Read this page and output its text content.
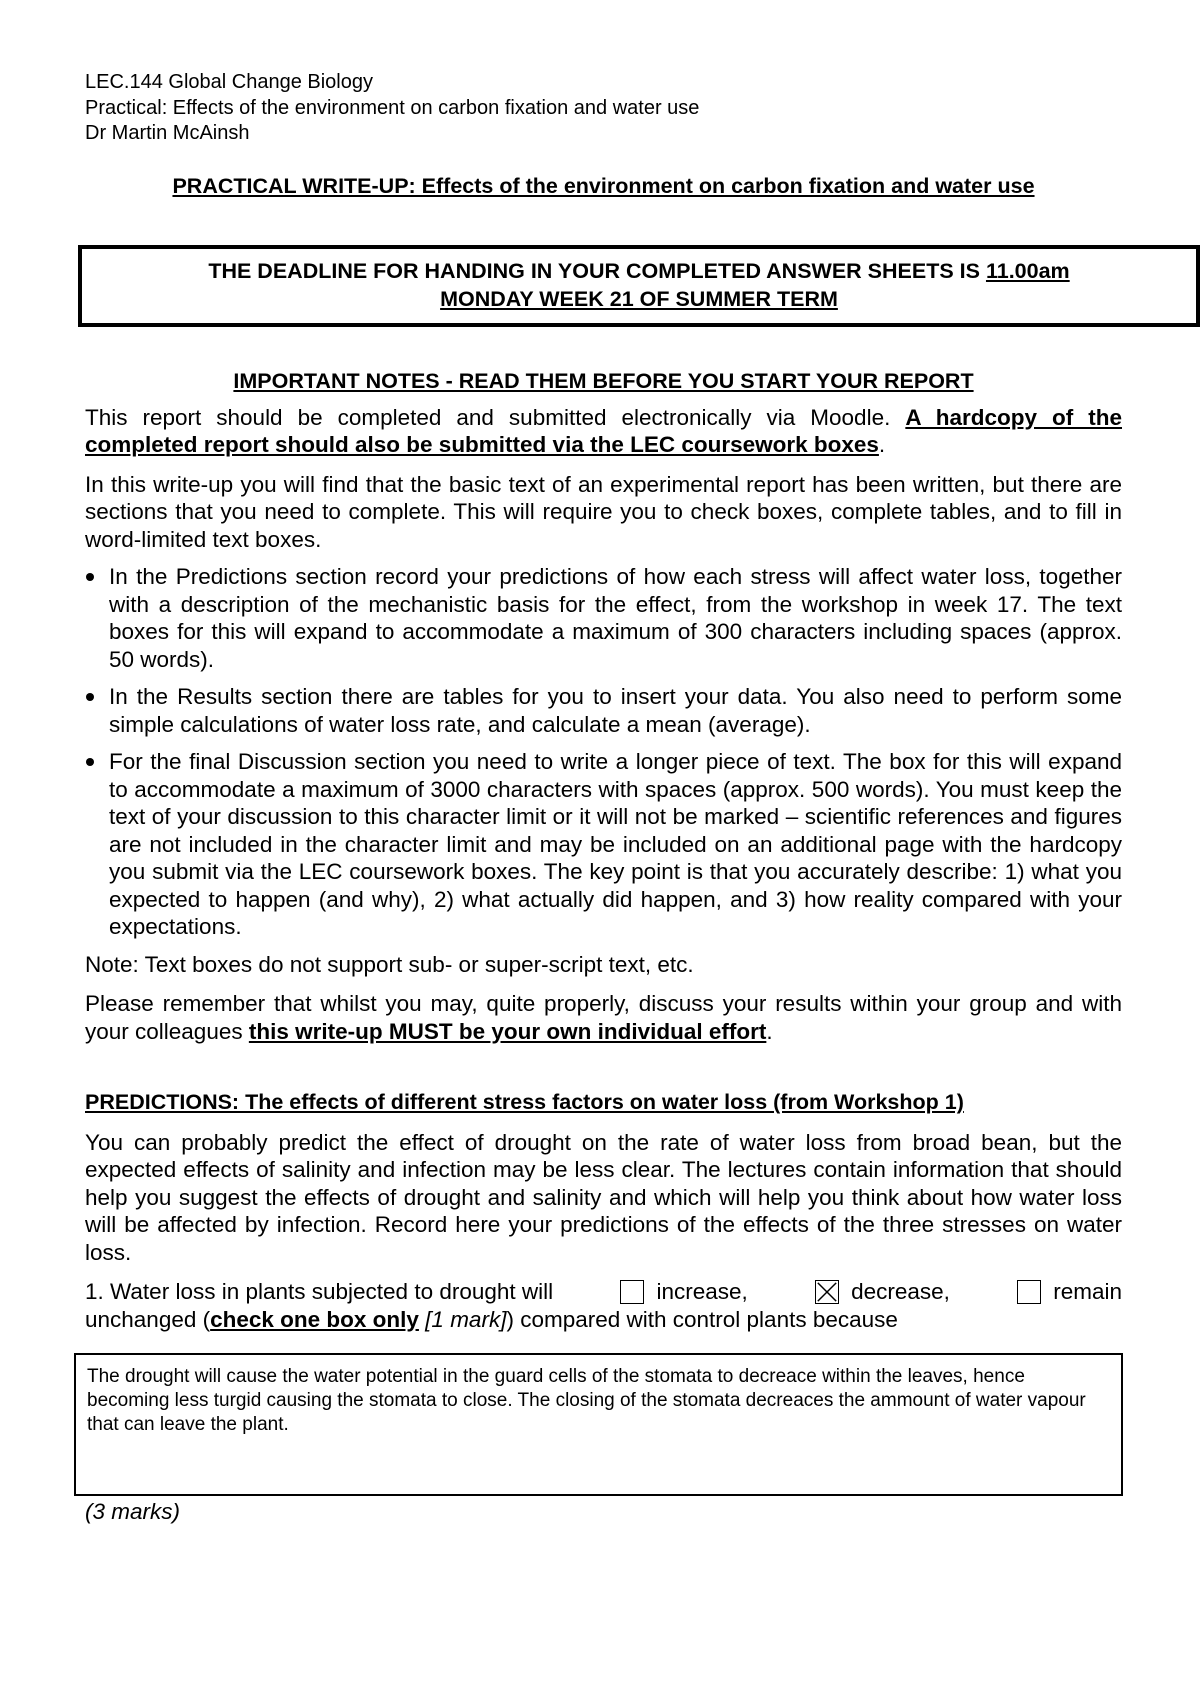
LEC.144 Global Change Biology
Practical: Effects of the environment on carbon fixation and water use
Dr Martin McAinsh
PRACTICAL WRITE-UP: Effects of the environment on carbon fixation and water use
THE DEADLINE FOR HANDING IN YOUR COMPLETED ANSWER SHEETS IS 11.00am
MONDAY WEEK 21 OF SUMMER TERM
IMPORTANT NOTES - READ THEM BEFORE YOU START YOUR REPORT
This report should be completed and submitted electronically via Moodle. A hardcopy of the completed report should also be submitted via the LEC coursework boxes.
In this write-up you will find that the basic text of an experimental report has been written, but there are sections that you need to complete. This will require you to check boxes, complete tables, and to fill in word-limited text boxes.
In the Predictions section record your predictions of how each stress will affect water loss, together with a description of the mechanistic basis for the effect, from the workshop in week 17. The text boxes for this will expand to accommodate a maximum of 300 characters including spaces (approx. 50 words).
In the Results section there are tables for you to insert your data. You also need to perform some simple calculations of water loss rate, and calculate a mean (average).
For the final Discussion section you need to write a longer piece of text. The box for this will expand to accommodate a maximum of 3000 characters with spaces (approx. 500 words). You must keep the text of your discussion to this character limit or it will not be marked – scientific references and figures are not included in the character limit and may be included on an additional page with the hardcopy you submit via the LEC coursework boxes. The key point is that you accurately describe: 1) what you expected to happen (and why), 2) what actually did happen, and 3) how reality compared with your expectations.
Note: Text boxes do not support sub- or super-script text, etc.
Please remember that whilst you may, quite properly, discuss your results within your group and with your colleagues this write-up MUST be your own individual effort.
PREDICTIONS: The effects of different stress factors on water loss (from Workshop 1)
You can probably predict the effect of drought on the rate of water loss from broad bean, but the expected effects of salinity and infection may be less clear. The lectures contain information that should help you suggest the effects of drought and salinity and which will help you think about how water loss will be affected by infection. Record here your predictions of the effects of the three stresses on water loss.
1. Water loss in plants subjected to drought will	increase,	decrease,	remain
unchanged (check one box only [1 mark]) compared with control plants because
The drought will cause the water potential in the guard cells of the stomata to decreace within the leaves, hence becoming less turgid causing the stomata to close. The closing of the stomata decreaces the ammount of water vapour that can leave the plant.
(3 marks)
